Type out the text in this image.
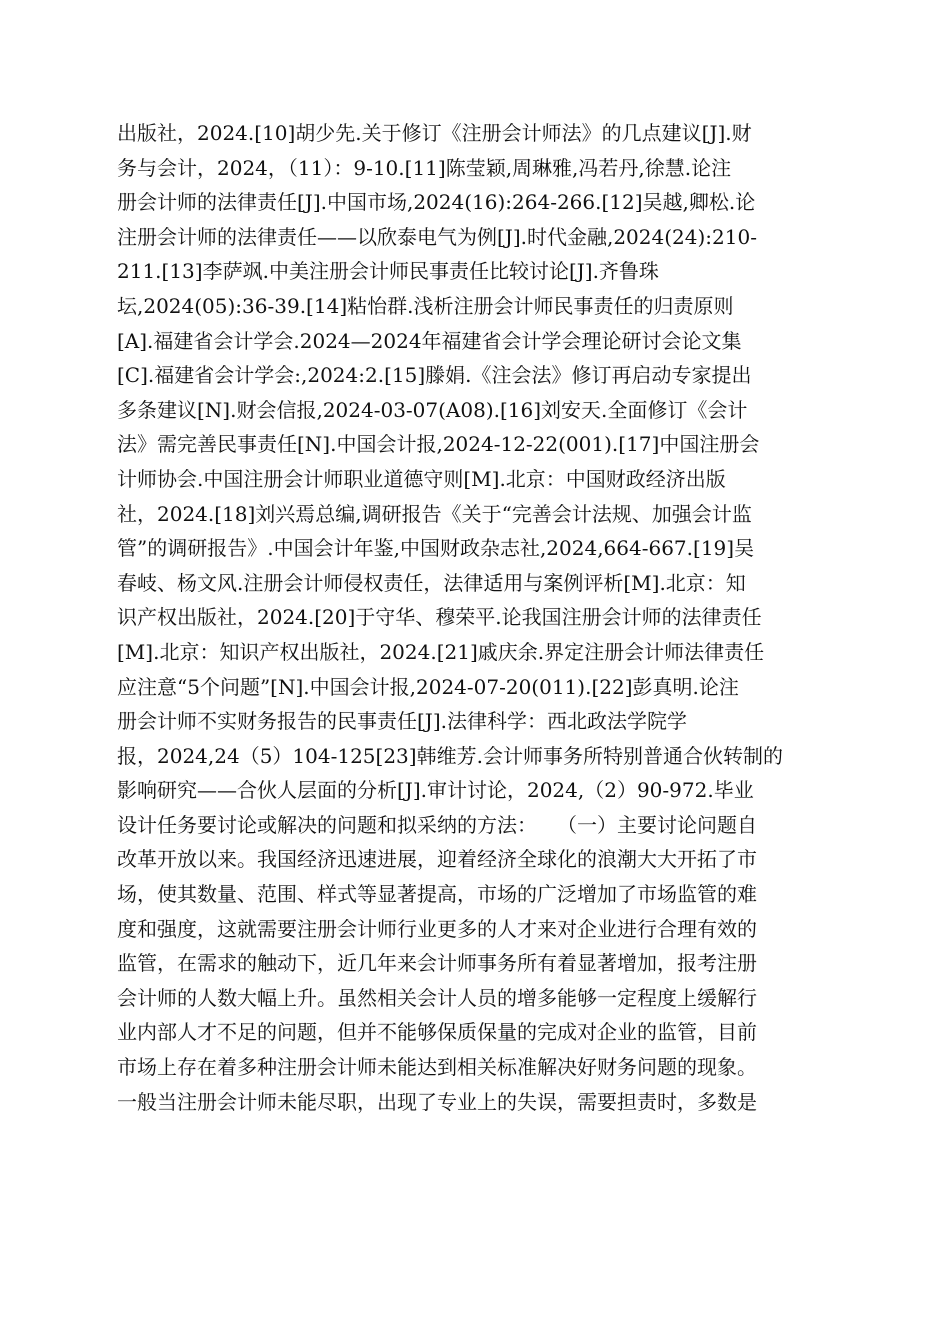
出版社，2024.[10]胡少先.关于修订《注册会计师法》的几点建议[J].财
务与会计，2024，（11）：9-10.[11]陈莹颖,周琳雅,冯若丹,徐慧.论注
册会计师的法律责任[J].中国市场,2024(16):264-266.[12]吴越,卿松.论
注册会计师的法律责任——以欣泰电气为例[J].时代金融,2024(24):210-
211.[13]李萨飒.中美注册会计师民事责任比较讨论[J].齐鲁珠
坛,2024(05):36-39.[14]粘怡群.浅析注册会计师民事责任的归责原则
[A].福建省会计学会.2024—2024年福建省会计学会理论研讨会论文集
[C].福建省会计学会:,2024:2.[15]滕娟.《注会法》修订再启动专家提出
多条建议[N].财会信报,2024-03-07(A08).[16]刘安天.全面修订《会计
法》需完善民事责任[N].中国会计报,2024-12-22(001).[17]中国注册会
计师协会.中国注册会计师职业道德守则[M].北京：中国财政经济出版
社，2024.[18]刘兴焉总编,调研报告《关于“完善会计法规、加强会计监
管”的调研报告》.中国会计年鉴,中国财政杂志社,2024,664-667.[19]吴
春岐、杨文风.注册会计师侵权责任，法律适用与案例评析[M].北京：知
识产权出版社，2024.[20]于守华、穆荣平.论我国注册会计师的法律责任
[M].北京：知识产权出版社，2024.[21]戚庆余.界定注册会计师法律责任
应注意“5个问题”[N].中国会计报,2024-07-20(011).[22]彭真明.论注
册会计师不实财务报告的民事责任[J].法律科学：西北政法学院学
报，2024,24（5）104-125[23]韩维芳.会计师事务所特别普通合伙转制的
影响研究——合伙人层面的分析[J].审计讨论，2024,（2）90-972.毕业
设计任务要讨论或解决的问题和拟采纳的方法：　　（一）主要讨论问题自
改革开放以来。我国经济迅速进展，迎着经济全球化的浪潮大大开拓了市
场，使其数量、范围、样式等显著提高，市场的广泛增加了市场监管的难
度和强度，这就需要注册会计师行业更多的人才来对企业进行合理有效的
监管，在需求的触动下，近几年来会计师事务所有着显著增加，报考注册
会计师的人数大幅上升。虽然相关会计人员的增多能够一定程度上缓解行
业内部人才不足的问题，但并不能够保质保量的完成对企业的监管，目前
市场上存在着多种注册会计师未能达到相关标准解决好财务问题的现象。
一般当注册会计师未能尽职，出现了专业上的失误，需要担责时，多数是
